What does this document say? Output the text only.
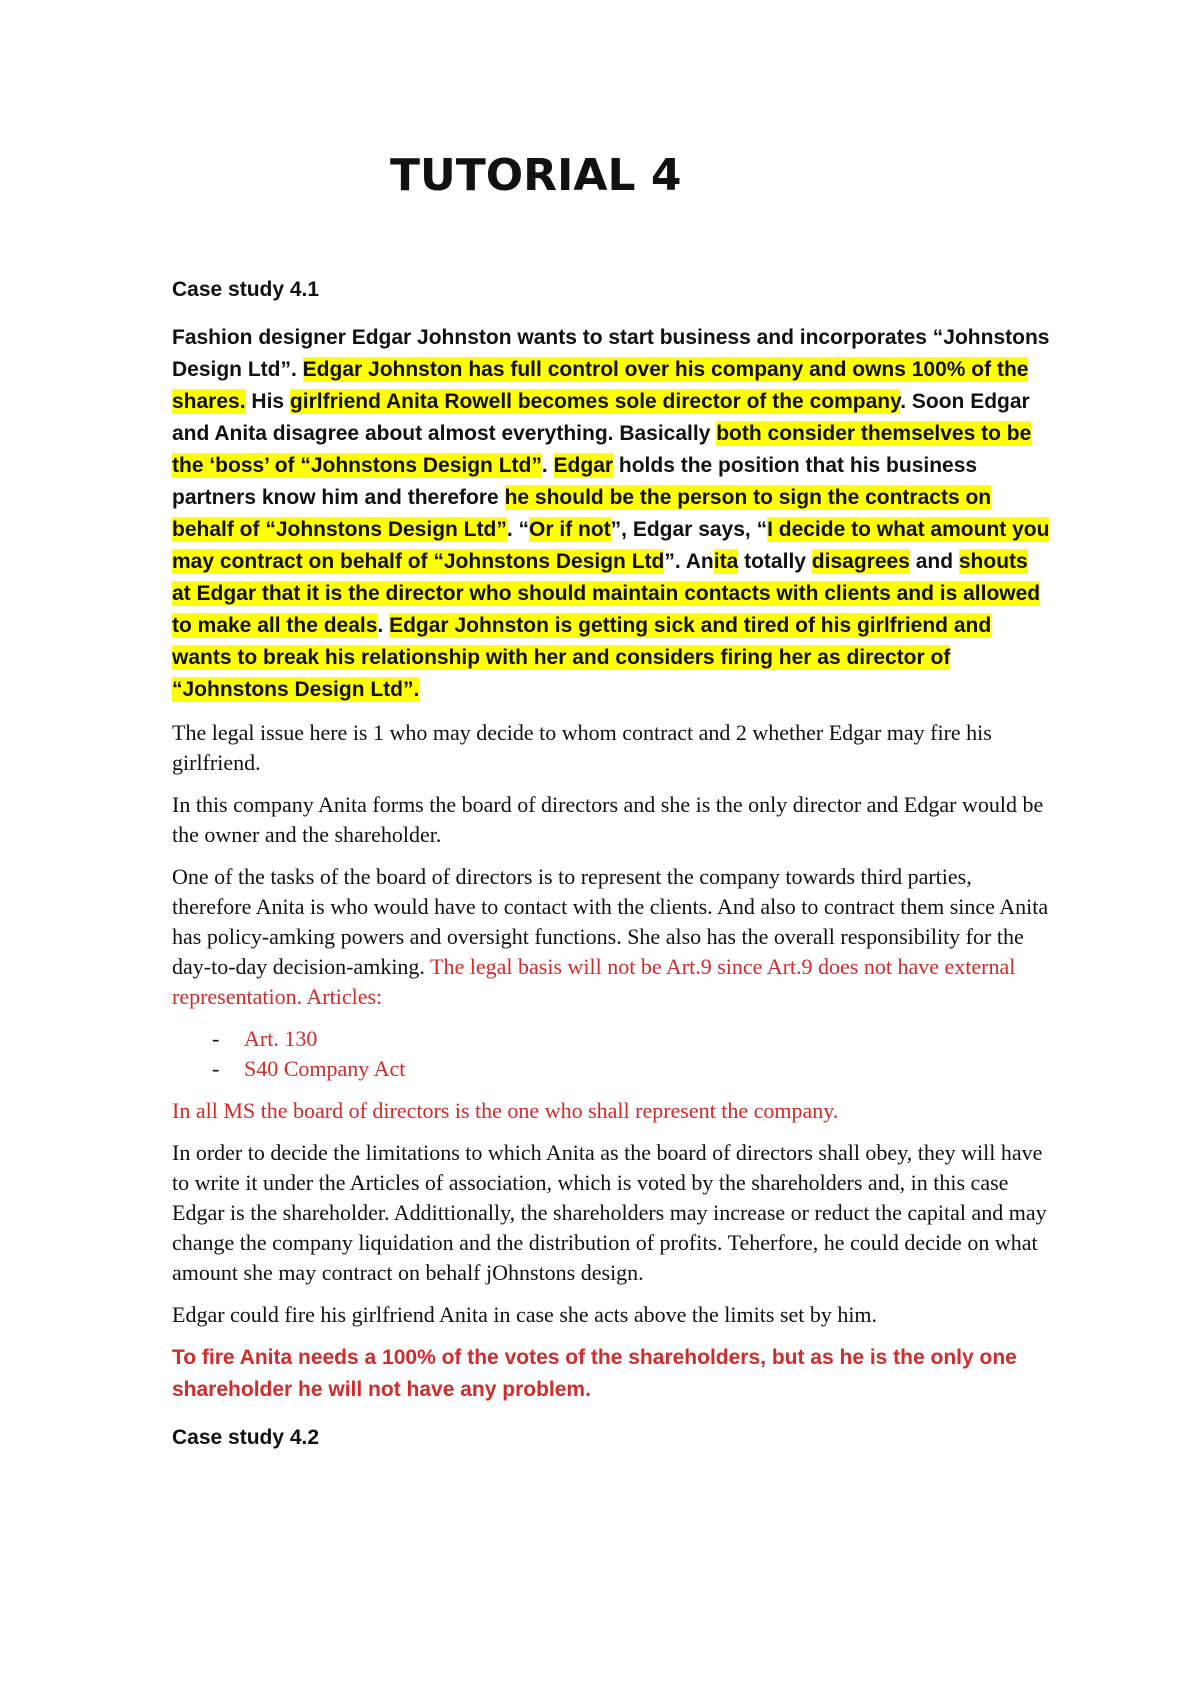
TUTORIAL 4

Case study 4.1

Fashion designer Edgar Johnston wants to start business and incorporates “Johnstons Design Ltd”. Edgar Johnston has full control over his company and owns 100% of the shares. His girlfriend Anita Rowell becomes sole director of the company. Soon Edgar and Anita disagree about almost everything. Basically both consider themselves to be the ‘boss’ of “Johnstons Design Ltd”. Edgar holds the position that his business partners know him and therefore he should be the person to sign the contracts on behalf of “Johnstons Design Ltd”. “Or if not”, Edgar says, “I decide to what amount you may contract on behalf of “Johnstons Design Ltd”. Anita totally disagrees and shouts at Edgar that it is the director who should maintain contacts with clients and is allowed to make all the deals. Edgar Johnston is getting sick and tired of his girlfriend and wants to break his relationship with her and considers firing her as director of “Johnstons Design Ltd”.

The legal issue here is 1 who may decide to whom contract and 2 whether Edgar may fire his girlfriend.

In this company Anita forms the board of directors and she is the only director and Edgar would be the owner and the shareholder.

One of the tasks of the board of directors is to represent the company towards third parties, therefore Anita is who would have to contact with the clients. And also to contract them since Anita has policy-amking powers and oversight functions. She also has the overall responsibility for the day-to-day decision-amking. The legal basis will not be Art.9 since Art.9 does not have external representation. Articles:

- Art. 130
- S40 Company Act

In all MS the board of directors is the one who shall represent the company.

In order to decide the limitations to which Anita as the board of directors shall obey, they will have to write it under the Articles of association, which is voted by the shareholders and, in this case Edgar is the shareholder. Addittionally, the shareholders may increase or reduct the capital and may change the company liquidation and the distribution of profits. Teherfore, he could decide on what amount she may contract on behalf jOhnstons design.

Edgar could fire his girlfriend Anita in case she acts above the limits set by him.

To fire Anita needs a 100% of the votes of the shareholders, but as he is the only one shareholder he will not have any problem.

Case study 4.2
